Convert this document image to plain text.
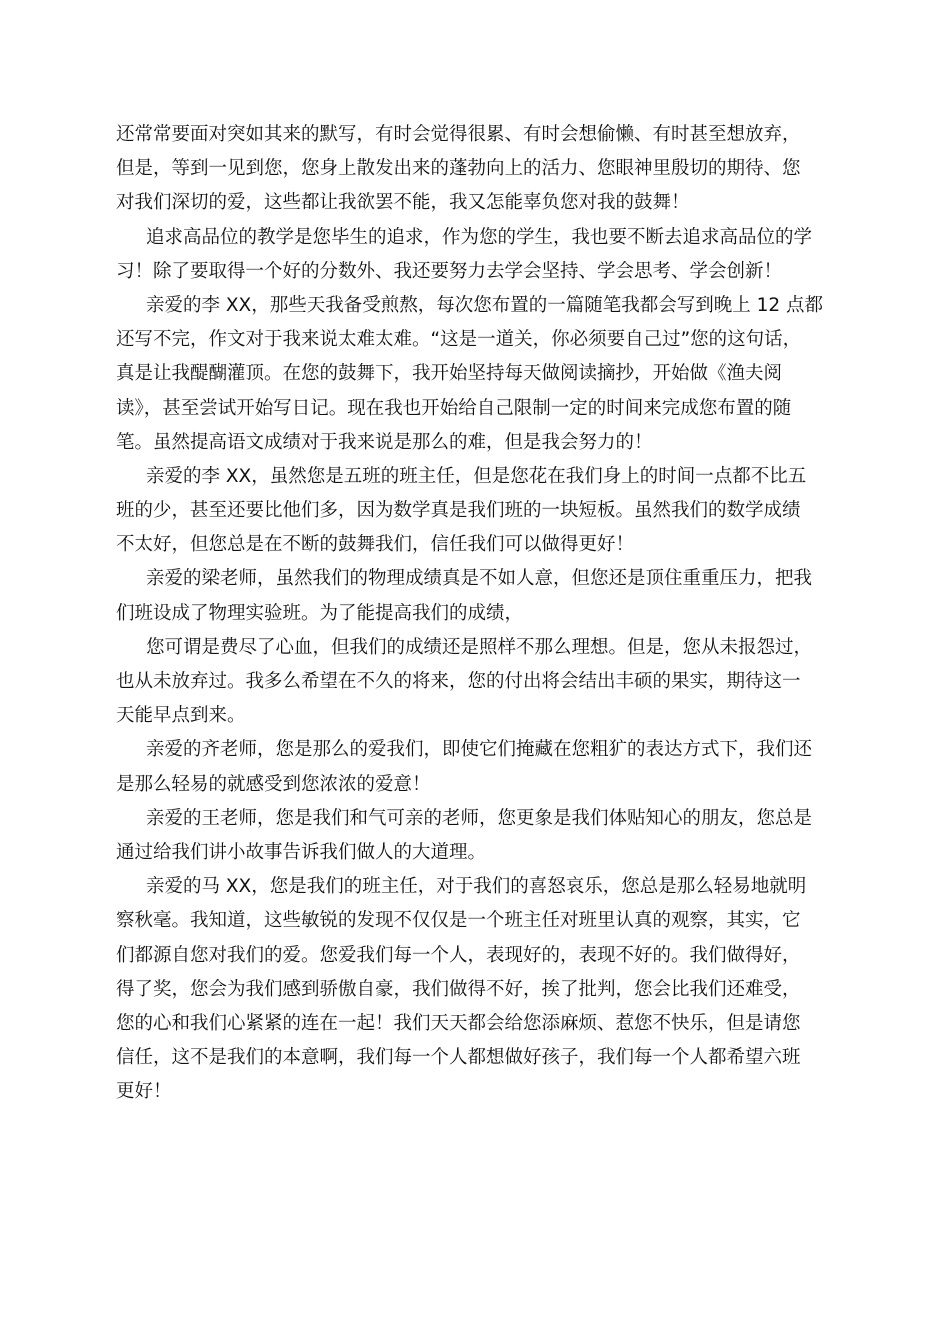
还常常要面对突如其来的默写，有时会觉得很累、有时会想偷懒、有时甚至想放弃，
但是，等到一见到您，您身上散发出来的蓬勃向上的活力、您眼神里殷切的期待、您
对我们深切的爱，这些都让我欲罢不能，我又怎能辜负您对我的鼓舞！
追求高品位的教学是您毕生的追求，作为您的学生，我也要不断去追求高品位的学
习！除了要取得一个好的分数外、我还要努力去学会坚持、学会思考、学会创新！
亲爱的李 XX，那些天我备受煎熬，每次您布置的一篇随笔我都会写到晚上 12 点都
还写不完，作文对于我来说太难太难。“这是一道关，你必须要自己过”您的这句话，
真是让我醍醐灌顶。在您的鼓舞下，我开始坚持每天做阅读摘抄，开始做《渔夫阅
读》，甚至尝试开始写日记。现在我也开始给自己限制一定的时间来完成您布置的随
笔。虽然提高语文成绩对于我来说是那么的难，但是我会努力的！
亲爱的李 XX，虽然您是五班的班主任，但是您花在我们身上的时间一点都不比五
班的少，甚至还要比他们多，因为数学真是我们班的一块短板。虽然我们的数学成绩
不太好，但您总是在不断的鼓舞我们，信任我们可以做得更好！
亲爱的梁老师，虽然我们的物理成绩真是不如人意，但您还是顶住重重压力，把我
们班设成了物理实验班。为了能提高我们的成绩，
您可谓是费尽了心血，但我们的成绩还是照样不那么理想。但是，您从未报怨过，
也从未放弃过。我多么希望在不久的将来，您的付出将会结出丰硕的果实，期待这一
天能早点到来。
亲爱的齐老师，您是那么的爱我们，即使它们掩藏在您粗犷的表达方式下，我们还
是那么轻易的就感受到您浓浓的爱意！
亲爱的王老师，您是我们和气可亲的老师，您更象是我们体贴知心的朋友，您总是
通过给我们讲小故事告诉我们做人的大道理。
亲爱的马 XX，您是我们的班主任，对于我们的喜怒哀乐，您总是那么轻易地就明
察秋毫。我知道，这些敏锐的发现不仅仅是一个班主任对班里认真的观察，其实，它
们都源自您对我们的爱。您爱我们每一个人，表现好的，表现不好的。我们做得好，
得了奖，您会为我们感到骄傲自豪，我们做得不好，挨了批判，您会比我们还难受，
您的心和我们心紧紧的连在一起！我们天天都会给您添麻烦、惹您不快乐，但是请您
信任，这不是我们的本意啊，我们每一个人都想做好孩子，我们每一个人都希望六班
更好！
